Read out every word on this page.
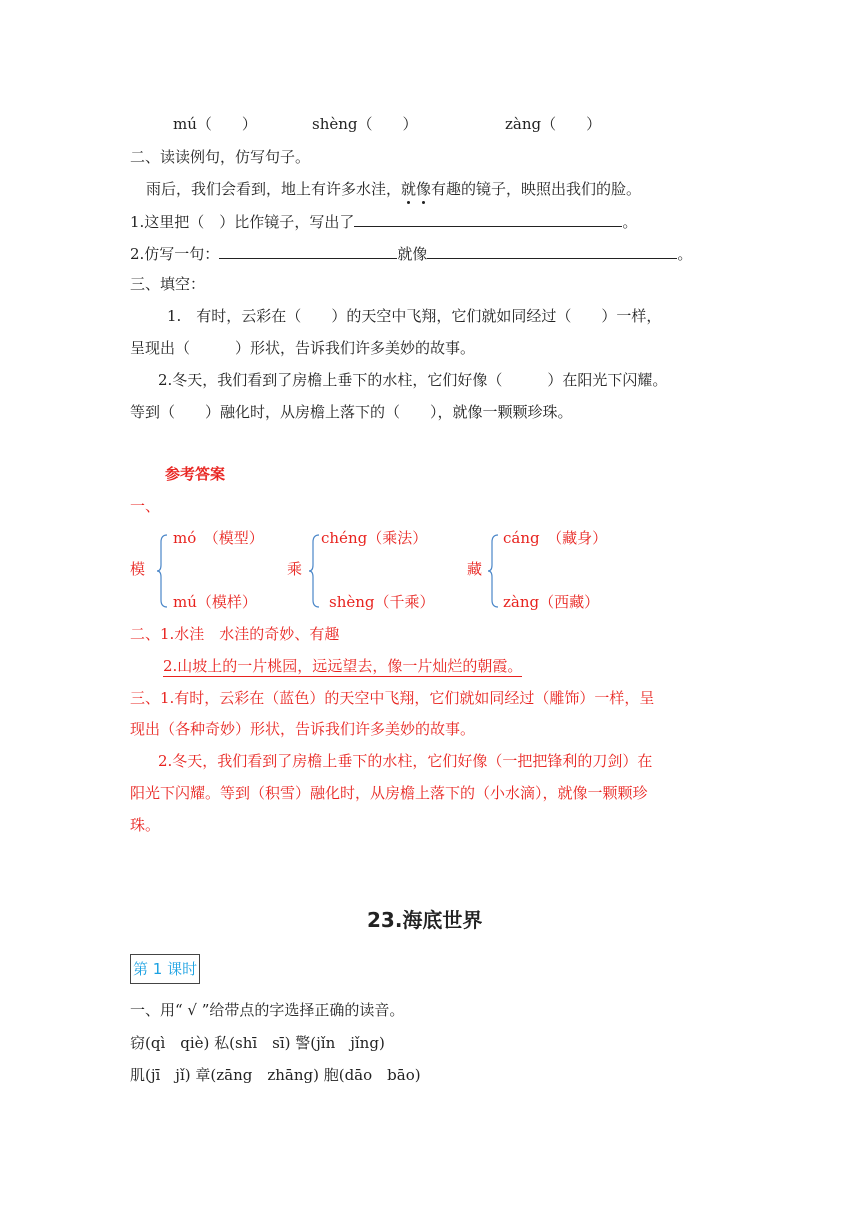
mú（　　）	shèng（　　）	zàng（　　）
二、读读例句，仿写句子。
雨后，我们会看到，地上有许多水洼，就像有趣的镜子，映照出我们的脸。
1.这里把（　）比作镜子，写出了	。
2.仿写一句：	就像	。
三、填空：
1.　有时，云彩在（　　）的天空中飞翔，它们就如同经过（　　）一样，
呈现出（　　　）形状，告诉我们许多美妙的故事。
2.冬天，我们看到了房檐上垂下的水柱，它们好像（　　　）在阳光下闪耀。
等到（　　）融化时，从房檐上落下的（　　），就像一颗颗珍珠。
参考答案
一、
mó　（模型）
模
mú（模样）
chéng（乘法）
乘
shèng（千乘）
cáng　（藏身）
藏
zàng（西藏）
二、1.水洼　水洼的奇妙、有趣
2.山坡上的一片桃园，远远望去，像一片灿烂的朝霞。
三、1.有时，云彩在（蓝色）的天空中飞翔，它们就如同经过（雕饰）一样，呈
现出（各种奇妙）形状，告诉我们许多美妙的故事。
2.冬天，我们看到了房檐上垂下的水柱，它们好像（一把把锋利的刀剑）在
阳光下闪耀。等到（积雪）融化时，从房檐上落下的（小水滴），就像一颗颗珍
珠。
23.海底世界
第 1 课时
一、用“ √ ”给带点的字选择正确的读音。
窃(qì　qiè) 私(shī　sī) 警(jǐn　jǐng)
肌(jī　jǐ) 章(zāng　zhāng) 胞(dāo　bāo)
